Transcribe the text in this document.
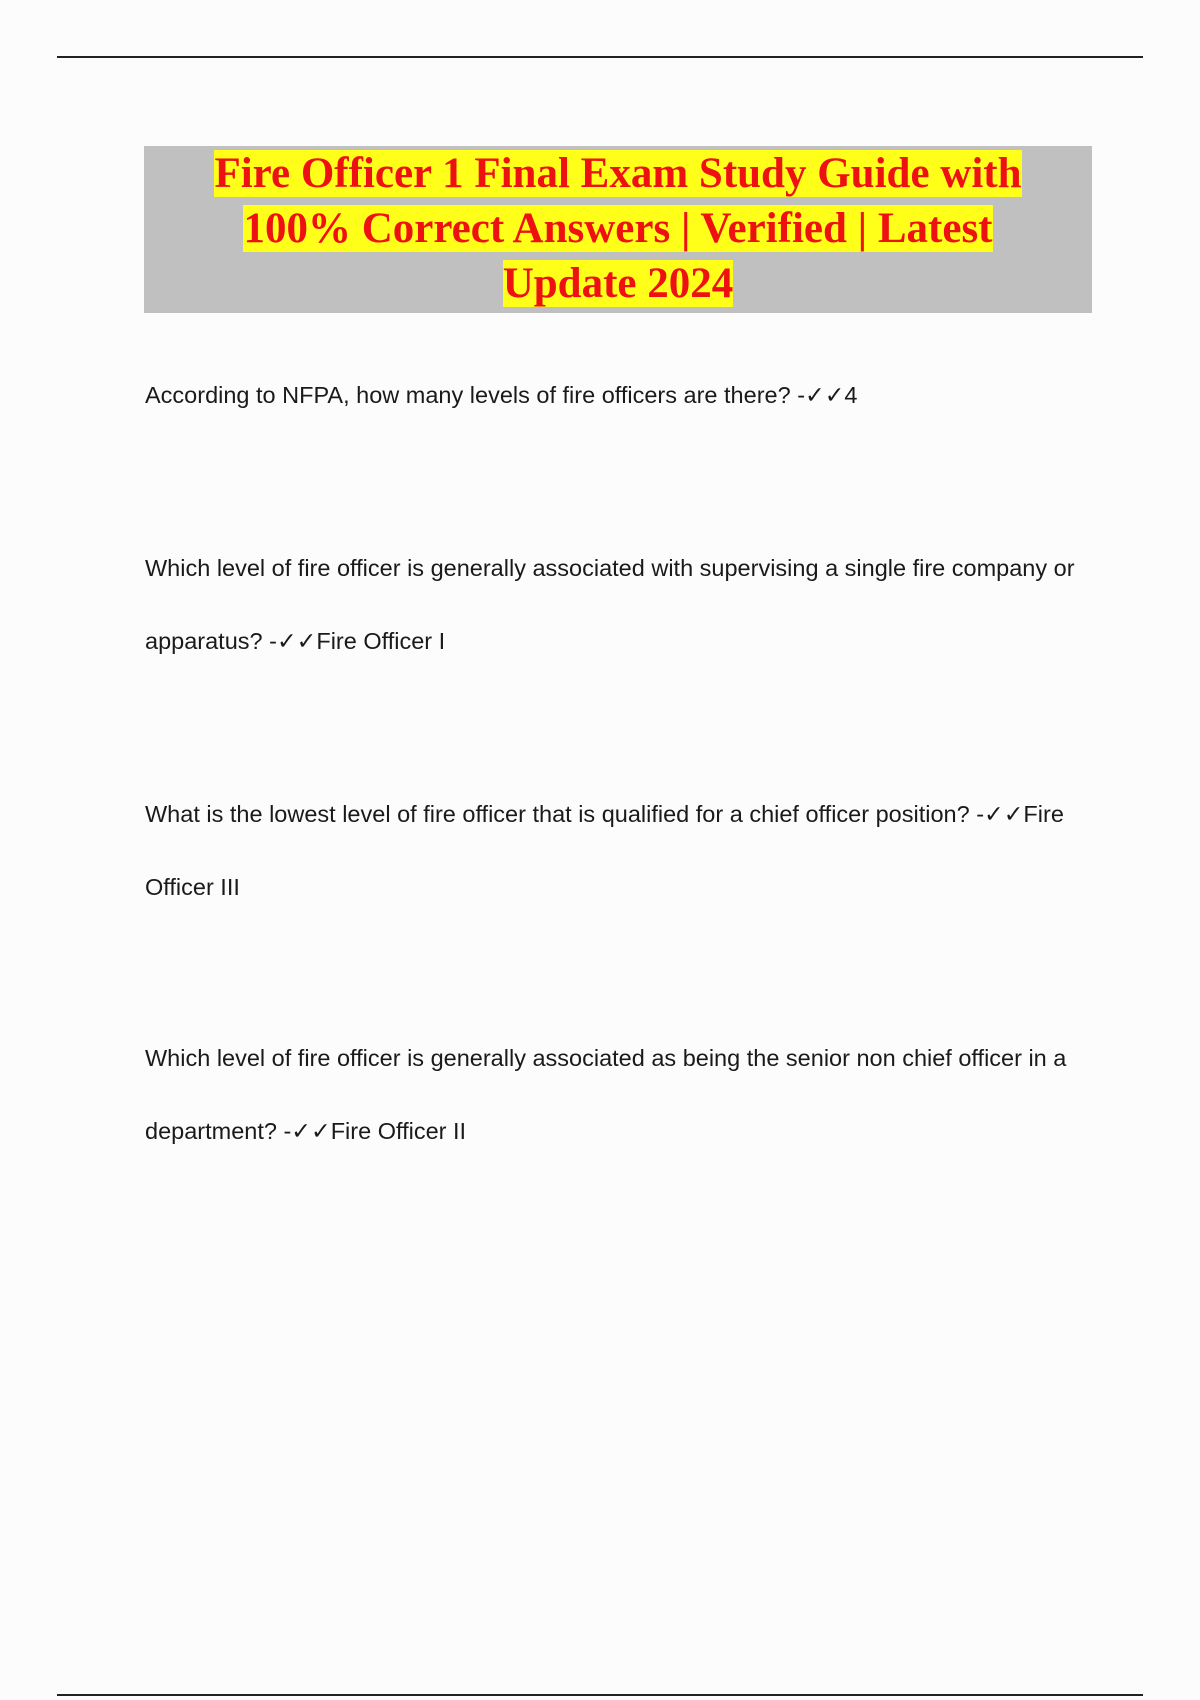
Fire Officer 1 Final Exam Study Guide with
100% Correct Answers | Verified | Latest
Update 2024

According to NFPA, how many levels of fire officers are there? -✓✓4
Which level of fire officer is generally associated with supervising a single fire company or apparatus? -✓✓Fire Officer I
What is the lowest level of fire officer that is qualified for a chief officer position? -✓✓Fire Officer III
Which level of fire officer is generally associated as being the senior non chief officer in a department? -✓✓Fire Officer II
